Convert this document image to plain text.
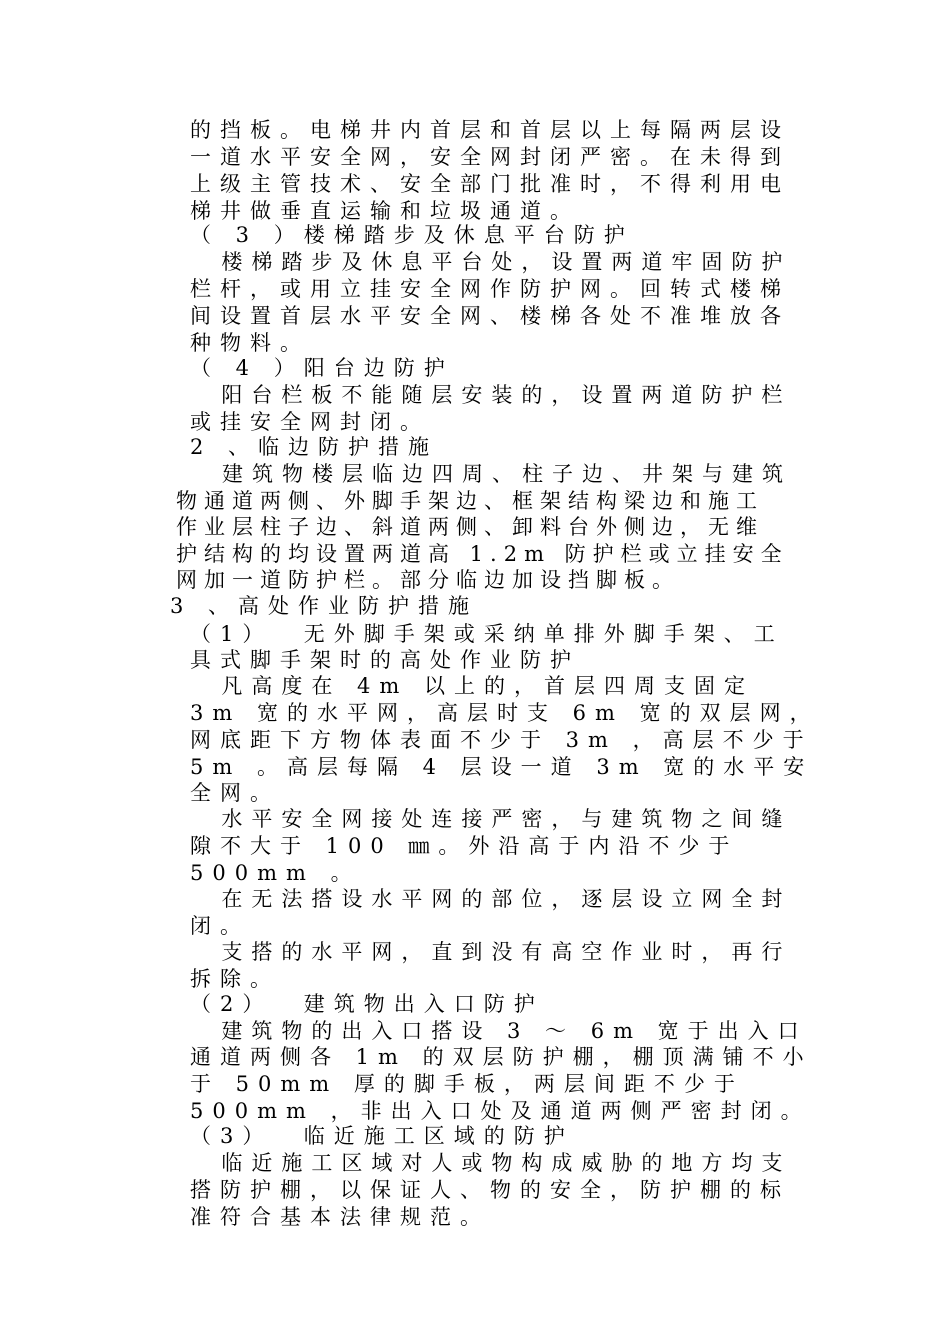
的挡板。电梯井内首层和首层以上每隔两层设
一道水平安全网，安全网封闭严密。在未得到
上级主管技术、安全部门批准时，不得利用电
梯井做垂直运输和垃圾通道。
（ 3 ）楼梯踏步及休息平台防护
楼梯踏步及休息平台处，设置两道牢固防护
栏杆，或用立挂安全网作防护网。回转式楼梯
间设置首层水平安全网、楼梯各处不准堆放各
种物料。
（ 4 ）阳台边防护
阳台栏板不能随层安装的，设置两道防护栏
或挂安全网封闭。
2 、临边防护措施
建筑物楼层临边四周、柱子边、井架与建筑
物通道两侧、外脚手架边、框架结构梁边和施工
作业层柱子边、斜道两侧、卸料台外侧边，无维
护结构的均设置两道高 1.2m 防护栏或立挂安全
网加一道防护栏。部分临边加设挡脚板。
3 、高处作业防护措施
（1）  无外脚手架或采纳单排外脚手架、工
具式脚手架时的高处作业防护
凡高度在 4m 以上的，首层四周支固定
3m 宽的水平网，高层时支 6m 宽的双层网，
网底距下方物体表面不少于 3m ，高层不少于
5m 。高层每隔 4 层设一道 3m 宽的水平安
全网。
水平安全网接处连接严密，与建筑物之间缝
隙不大于 100 ㎜。外沿高于内沿不少于
500mm 。
在无法搭设水平网的部位，逐层设立网全封
闭。
支搭的水平网，直到没有高空作业时，再行
拆除。
（2）  建筑物出入口防护
建筑物的出入口搭设 3 ～ 6m 宽于出入口
通道两侧各 1m 的双层防护棚，棚顶满铺不小
于 50mm 厚的脚手板，两层间距不少于
500mm ，非出入口处及通道两侧严密封闭。
（3）  临近施工区域的防护
临近施工区域对人或物构成威胁的地方均支
搭防护棚，以保证人、物的安全，防护棚的标
准符合基本法律规范。
